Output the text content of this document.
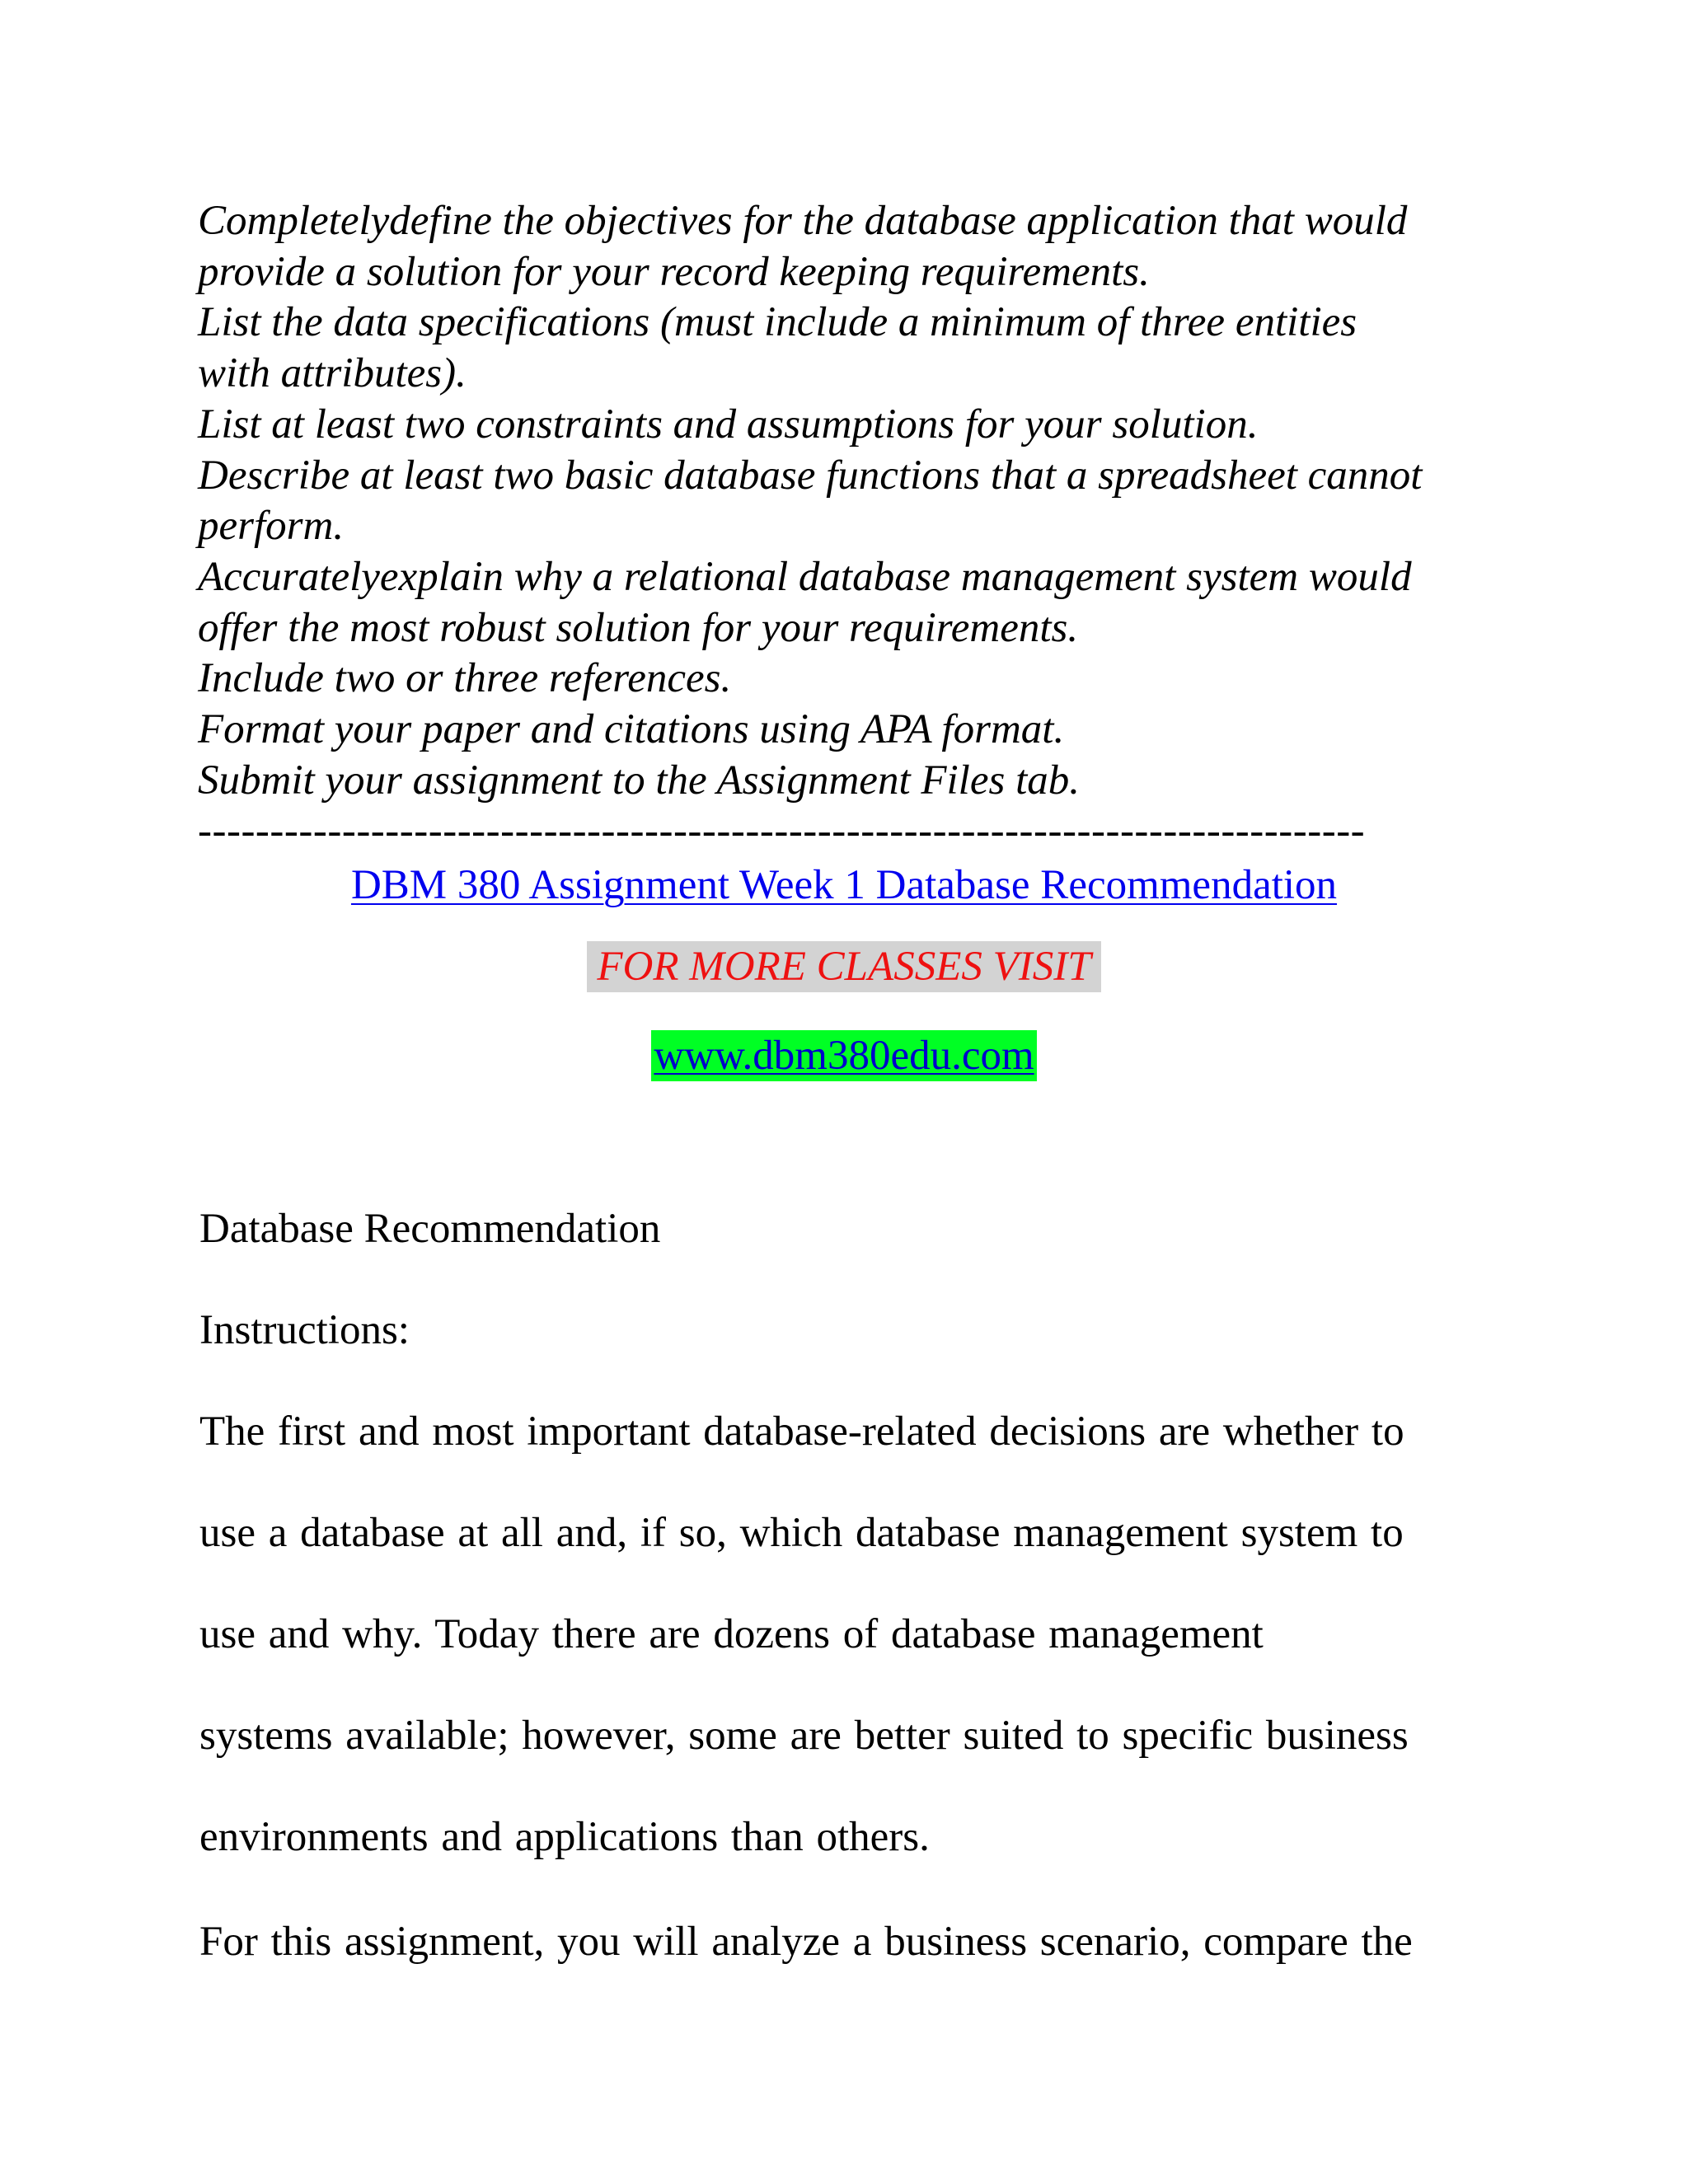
Completelydefine the objectives for the database application that would
provide a solution for your record keeping requirements.
List the data specifications (must include a minimum of three entities
with attributes).
List at least two constraints and assumptions for your solution.
Describe at least two basic database functions that a spreadsheet cannot
perform.
Accuratelyexplain why a relational database management system would
offer the most robust solution for your requirements.
Include two or three references.
Format your paper and citations using APA format.
Submit your assignment to the Assignment Files tab.
---------------------------------------------------------------------------------
DBM 380 Assignment Week 1 Database Recommendation
FOR MORE CLASSES VISIT
www.dbm380edu.com
Database Recommendation
Instructions:
The first and most important database-related decisions are whether to
use a database at all and, if so, which database management system to
use and why. Today there are dozens of database management
systems available; however, some are better suited to specific business
environments and applications than others.
For this assignment, you will analyze a business scenario, compare the
